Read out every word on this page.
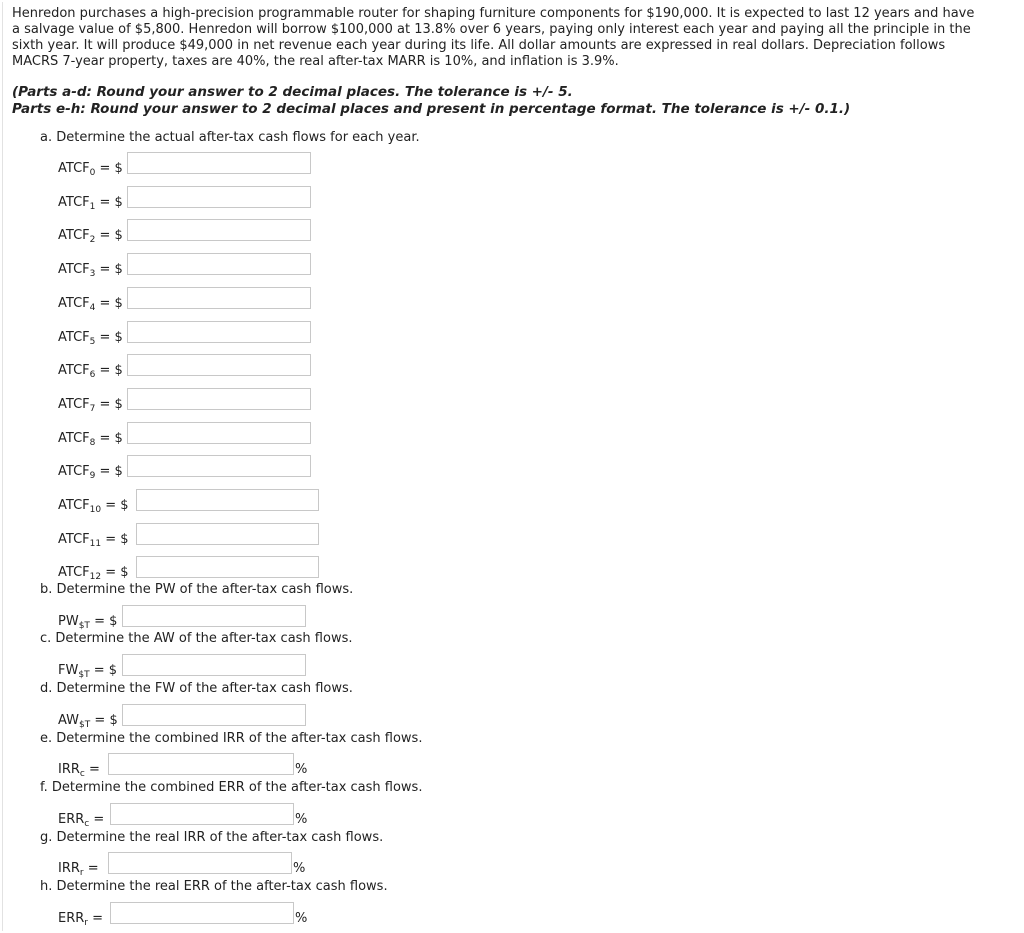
Henredon purchases a high-precision programmable router for shaping furniture components for $190,000. It is expected to last 12 years and have

a salvage value of $5,800. Henredon will borrow $100,000 at 13.8% over 6 years, paying only interest each year and paying all the principle in the

sixth year. It will produce $49,000 in net revenue each year during its life. All dollar amounts are expressed in real dollars. Depreciation follows

MACRS 7-year property, taxes are 40%, the real after-tax MARR is 10%, and inflation is 3.9%.

(Parts a-d: Round your answer to 2 decimal places. The tolerance is +/- 5.
Parts e-h: Round your answer to 2 decimal places and present in percentage format. The tolerance is +/- 0.1.)
a. Determine the actual after-tax cash flows for each year.
$ATCF_0$ = $
$ATCF_1$ = $
$ATCF_2$ = $
$ATCF_3$ = $
$ATCF_4$ = $
$ATCF_5$ = $
$ATCF_6$ = $
$ATCF_7$ = $
$ATCF_8$ = $
$ATCF_9$ = $
$ATCF_{10}$ = $
$ATCF_{11}$ = $
$ATCF_{12}$ = $
b. Determine the PW of the after-tax cash flows.
$PW_{\$T}$ = $
c. Determine the AW of the after-tax cash flows.
$FW_{\$T}$ = $
d. Determine the FW of the after-tax cash flows.
$AW_{\$T}$ = $
e. Determine the combined IRR of the after-tax cash flows.
$IRR_c$ =	%
f. Determine the combined ERR of the after-tax cash flows.
$ERR_c$ =	%
g. Determine the real IRR of the after-tax cash flows.
$IRR_r$ =	%
h. Determine the real ERR of the after-tax cash flows.
$ERR_r$ =	%
